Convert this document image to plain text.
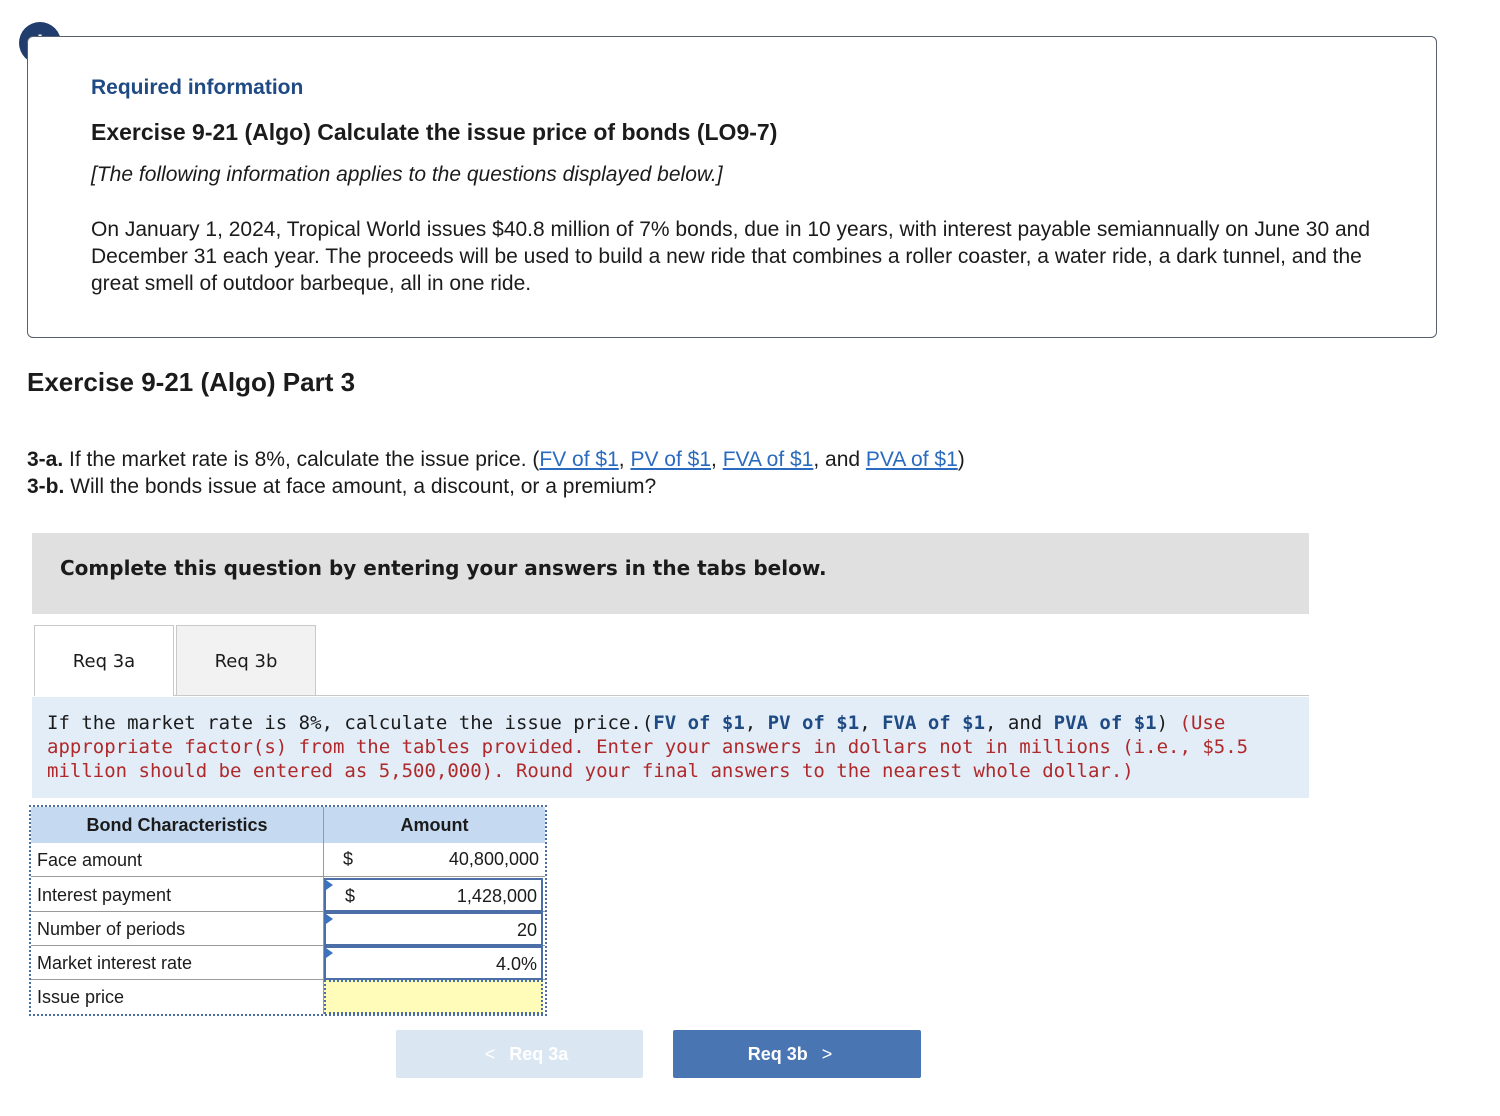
Required information
Exercise 9-21 (Algo) Calculate the issue price of bonds (LO9-7)
[The following information applies to the questions displayed below.]
On January 1, 2024, Tropical World issues $40.8 million of 7% bonds, due in 10 years, with interest payable semiannually on June 30 and December 31 each year. The proceeds will be used to build a new ride that combines a roller coaster, a water ride, a dark tunnel, and the great smell of outdoor barbeque, all in one ride.
Exercise 9-21 (Algo) Part 3
3-a. If the market rate is 8%, calculate the issue price. (FV of $1, PV of $1, FVA of $1, and PVA of $1)
3-b. Will the bonds issue at face amount, a discount, or a premium?
Complete this question by entering your answers in the tabs below.
Req 3a	Req 3b
If the market rate is 8%, calculate the issue price.(FV of $1, PV of $1, FVA of $1, and PVA of $1) (Use appropriate factor(s) from the tables provided. Enter your answers in dollars not in millions (i.e., $5.5 million should be entered as 5,500,000). Round your final answers to the nearest whole dollar.)
Bond Characteristics	Amount
Face amount	$	40,800,000
Interest payment	$	1,428,000
Number of periods	20
Market interest rate	4.0%
Issue price
< Req 3a	Req 3b >
